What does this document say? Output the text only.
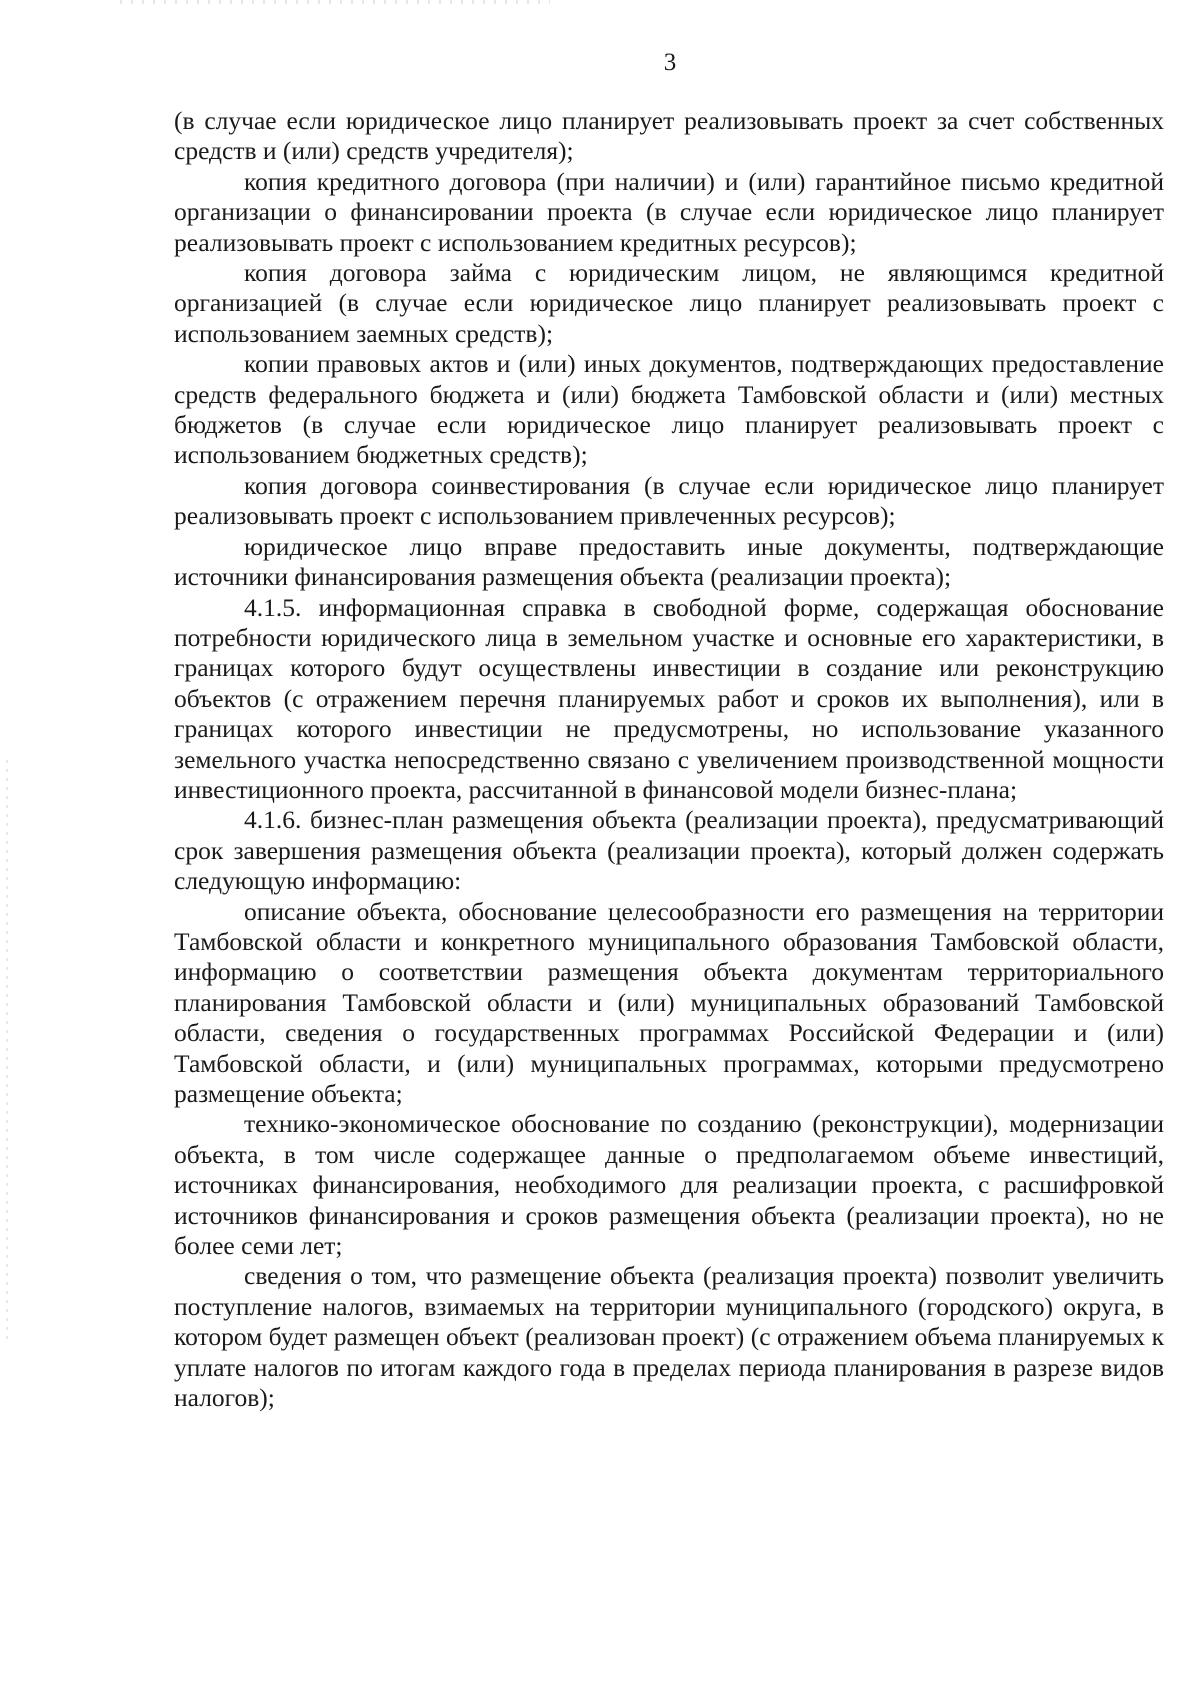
3

(в случае если юридическое лицо планирует реализовывать проект за счет собственных средств и (или) средств учредителя);

копия кредитного договора (при наличии) и (или) гарантийное письмо кредитной организации о финансировании проекта (в случае если юридическое лицо планирует реализовывать проект с использованием кредитных ресурсов);

копия договора займа с юридическим лицом, не являющимся кредитной организацией (в случае если юридическое лицо планирует реализовывать проект с использованием заемных средств);

копии правовых актов и (или) иных документов, подтверждающих предоставление средств федерального бюджета и (или) бюджета Тамбовской области и (или) местных бюджетов (в случае если юридическое лицо планирует реализовывать проект с использованием бюджетных средств);

копия договора соинвестирования (в случае если юридическое лицо планирует реализовывать проект с использованием привлеченных ресурсов);

юридическое лицо вправе предоставить иные документы, подтверждающие источники финансирования размещения объекта (реализации проекта);

4.1.5. информационная справка в свободной форме, содержащая обоснование потребности юридического лица в земельном участке и основные его характеристики, в границах которого будут осуществлены инвестиции в создание или реконструкцию объектов (с отражением перечня планируемых работ и сроков их выполнения), или в границах которого инвестиции не предусмотрены, но использование указанного земельного участка непосредственно связано с увеличением производственной мощности инвестиционного проекта, рассчитанной в финансовой модели бизнес-плана;

4.1.6. бизнес-план размещения объекта (реализации проекта), предусматривающий срок завершения размещения объекта (реализации проекта), который должен содержать следующую информацию:

описание объекта, обоснование целесообразности его размещения на территории Тамбовской области и конкретного муниципального образования Тамбовской области, информацию о соответствии размещения объекта документам территориального планирования Тамбовской области и (или) муниципальных образований Тамбовской области, сведения о государственных программах Российской Федерации и (или) Тамбовской области, и (или) муниципальных программах, которыми предусмотрено размещение объекта;

технико-экономическое обоснование по созданию (реконструкции), модернизации объекта, в том числе содержащее данные о предполагаемом объеме инвестиций, источниках финансирования, необходимого для реализации проекта, с расшифровкой источников финансирования и сроков размещения объекта (реализации проекта), но не более семи лет;

сведения о том, что размещение объекта (реализация проекта) позволит увеличить поступление налогов, взимаемых на территории муниципального (городского) округа, в котором будет размещен объект (реализован проект) (с отражением объема планируемых к уплате налогов по итогам каждого года в пределах периода планирования в разрезе видов налогов);
